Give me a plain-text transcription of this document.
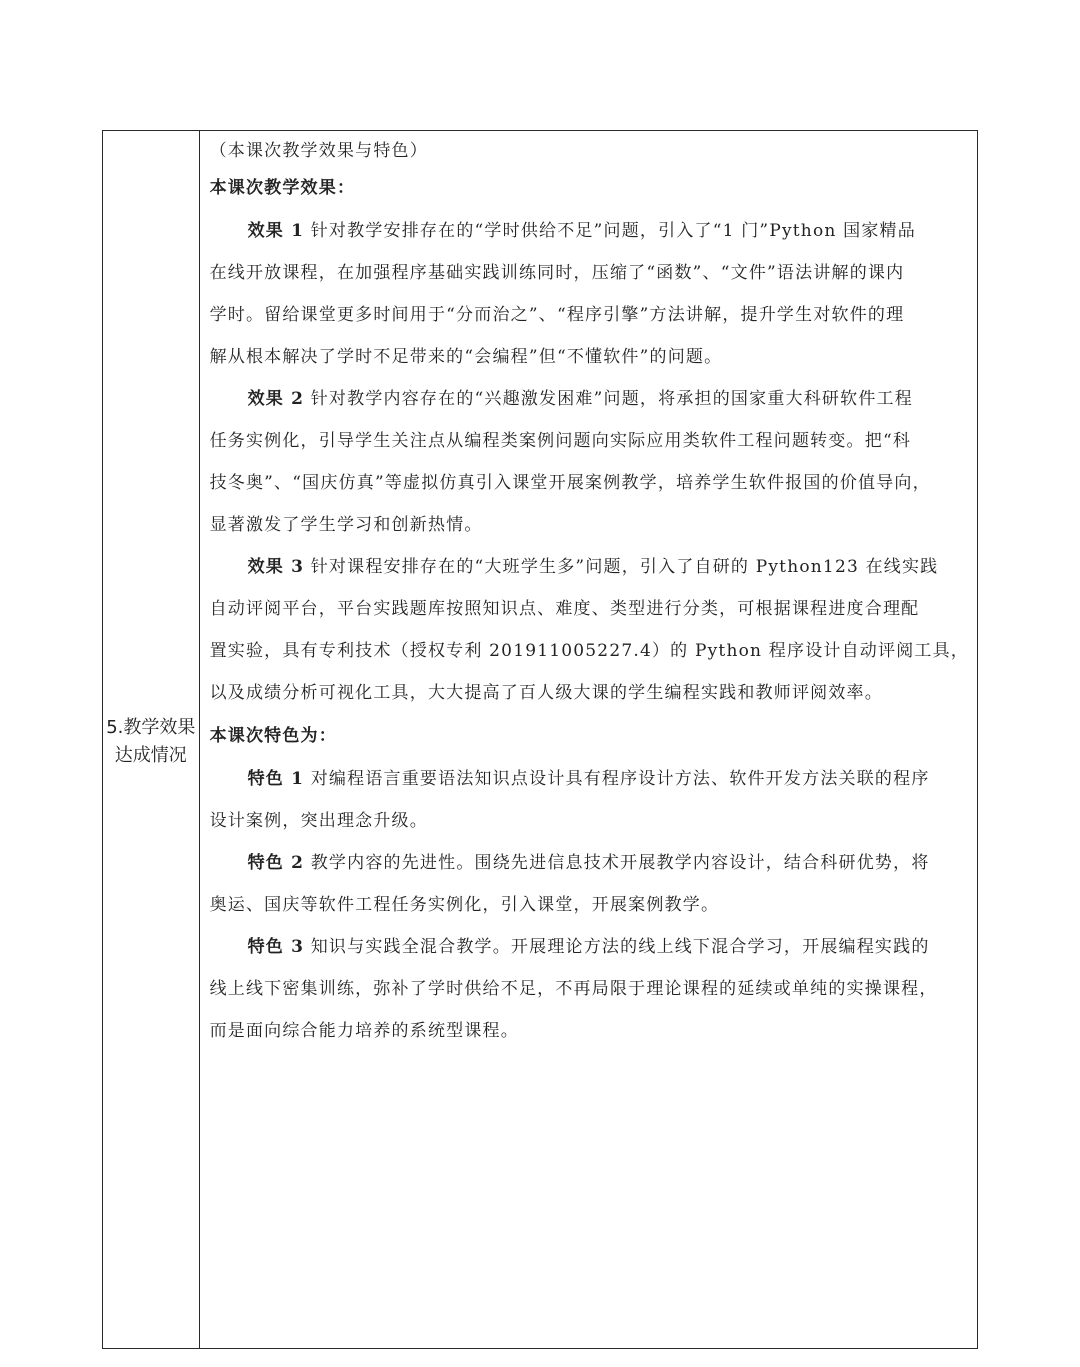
5.教学效果
达成情况
（本课次教学效果与特色）
本课次教学效果：
效果 1 针对教学安排存在的“学时供给不足”问题，引入了“1 门”Python 国家精品
在线开放课程，在加强程序基础实践训练同时，压缩了“函数”、“文件”语法讲解的课内
学时。留给课堂更多时间用于“分而治之”、“程序引擎”方法讲解，提升学生对软件的理
解从根本解决了学时不足带来的“会编程”但“不懂软件”的问题。
效果 2 针对教学内容存在的“兴趣激发困难”问题，将承担的国家重大科研软件工程
任务实例化，引导学生关注点从编程类案例问题向实际应用类软件工程问题转变。把“科
技冬奥”、“国庆仿真”等虚拟仿真引入课堂开展案例教学，培养学生软件报国的价值导向，
显著激发了学生学习和创新热情。
效果 3 针对课程安排存在的“大班学生多”问题，引入了自研的 Python123 在线实践
自动评阅平台，平台实践题库按照知识点、难度、类型进行分类，可根据课程进度合理配
置实验，具有专利技术（授权专利 201911005227.4）的 Python 程序设计自动评阅工具，
以及成绩分析可视化工具，大大提高了百人级大课的学生编程实践和教师评阅效率。
本课次特色为：
特色 1 对编程语言重要语法知识点设计具有程序设计方法、软件开发方法关联的程序
设计案例，突出理念升级。
特色 2 教学内容的先进性。围绕先进信息技术开展教学内容设计，结合科研优势，将
奥运、国庆等软件工程任务实例化，引入课堂，开展案例教学。
特色 3 知识与实践全混合教学。开展理论方法的线上线下混合学习，开展编程实践的
线上线下密集训练，弥补了学时供给不足，不再局限于理论课程的延续或单纯的实操课程，
而是面向综合能力培养的系统型课程。
